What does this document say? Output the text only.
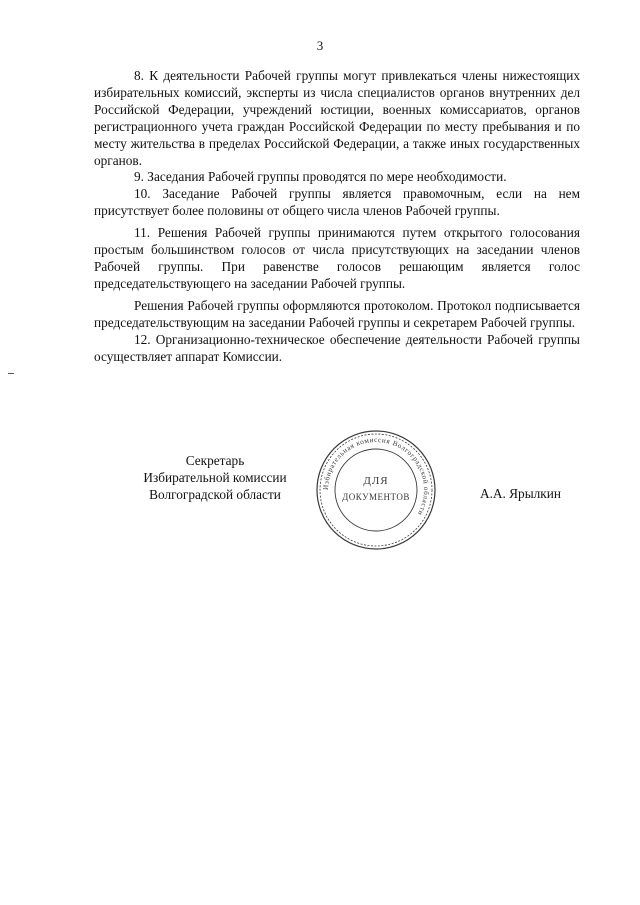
3

8. К деятельности Рабочей группы могут привлекаться члены нижестоящих избирательных комиссий, эксперты из числа специалистов органов внутренних дел Российской Федерации, учреждений юстиции, военных комиссариатов, органов регистрационного учета граждан Российской Федерации по месту пребывания и по месту жительства в пределах Российской Федерации, а также иных государственных органов.

9. Заседания Рабочей группы проводятся по мере необходимости.

10. Заседание Рабочей группы является правомочным, если на нем присутствует более половины от общего числа членов Рабочей группы.

11. Решения Рабочей группы принимаются путем открытого голосования простым большинством голосов от числа присутствующих на заседании членов Рабочей группы. При равенстве голосов решающим является голос председательствующего на заседании Рабочей группы.

Решения Рабочей группы оформляются протоколом. Протокол подписывается председательствующим на заседании Рабочей группы и секретарем Рабочей группы.

12. Организационно-техническое обеспечение деятельности Рабочей группы осуществляет аппарат Комиссии.

Секретарь
Избирательной комиссии
Волгоградской области	Избирательная комиссия Волгоградской области
ДЛЯ
ДОКУМЕНТОВ	А.А. Ярылкин
